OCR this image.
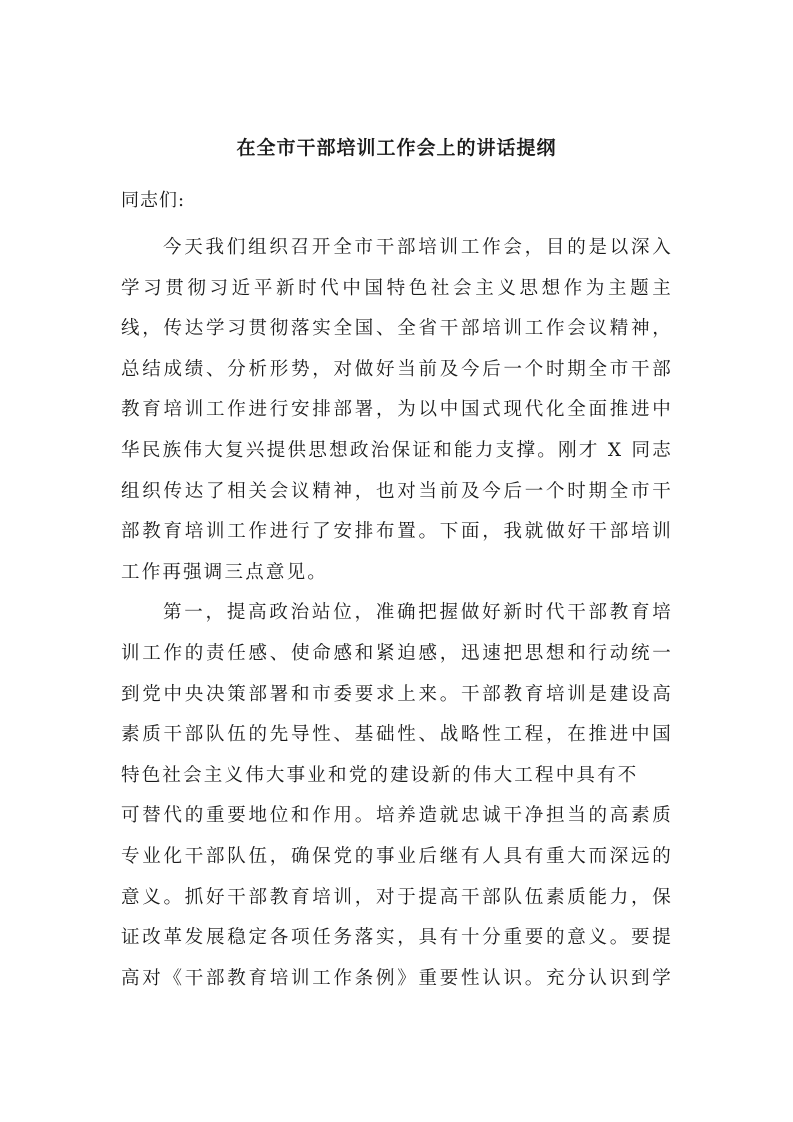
在全市干部培训工作会上的讲话提纲

同志们:

今天我们组织召开全市干部培训工作会，目的是以深入
学习贯彻习近平新时代中国特色社会主义思想作为主题主
线，传达学习贯彻落实全国、全省干部培训工作会议精神，
总结成绩、分析形势，对做好当前及今后一个时期全市干部
教育培训工作进行安排部署，为以中国式现代化全面推进中
华民族伟大复兴提供思想政治保证和能力支撑。刚才 X 同志
组织传达了相关会议精神，也对当前及今后一个时期全市干
部教育培训工作进行了安排布置。下面，我就做好干部培训
工作再强调三点意见。
第一，提高政治站位，准确把握做好新时代干部教育培
训工作的责任感、使命感和紧迫感，迅速把思想和行动统一
到党中央决策部署和市委要求上来。干部教育培训是建设高
素质干部队伍的先导性、基础性、战略性工程，在推进中国
特色社会主义伟大事业和党的建设新的伟大工程中具有不
可替代的重要地位和作用。培养造就忠诚干净担当的高素质
专业化干部队伍，确保党的事业后继有人具有重大而深远的
意义。抓好干部教育培训，对于提高干部队伍素质能力，保
证改革发展稳定各项任务落实，具有十分重要的意义。要提
高对《干部教育培训工作条例》重要性认识。充分认识到学
